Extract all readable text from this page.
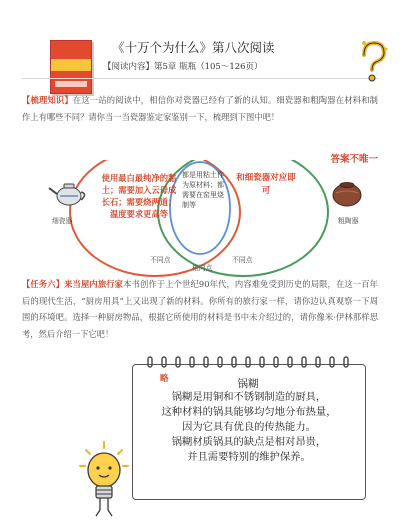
《十万个为什么》第八次阅读
【阅读内容】第5章 瓶瓶（105～126页）
【梳理知识】在这一站的阅读中，相信你对瓷器已经有了新的认知。细瓷器和粗陶器在材料和制作上有哪些不同？请你当一当瓷器鉴定家鉴别一下，梳理到下图中吧！
答案不唯一
细瓷器	粗陶器
使用最白最纯净的黏土；需要加入云母成长石；需要烧两道；温度要求更高等
都是用粘土作为原材料；都需要在窑里烧制等
和细瓷器对应即可
相同点
不同点	不同点
【任务六】来当屋内旅行家本书创作于上个世纪90年代，内容难免受到历史的局限，在这一百年后的现代生活，“厨房用具”上又出现了新的材料。你所有的旅行家一样，请你边认真观察一下周围的环境吧。选择一种厨房物品，根据它所使用的材料是书中未介绍过的，请你像米·伊林那样思考，然后介绍一下它吧！
略	锅糊
锅糊是用铜和不锈钢制造的厨具，
这种材料的锅具能够均匀地分布热量，
因为它具有优良的传热能力。
锅糊材质锅具的缺点是相对昂贵，
并且需要特别的维护保养。
